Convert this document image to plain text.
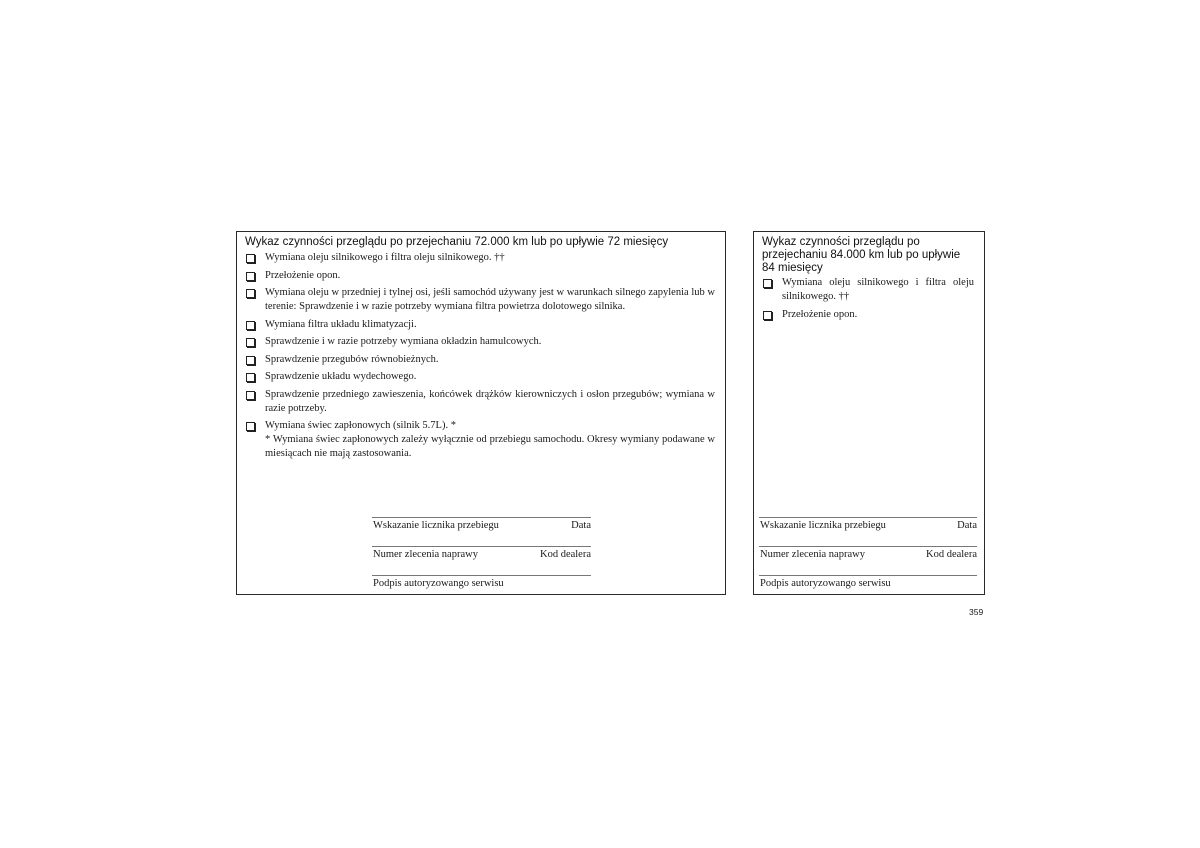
Wykaz czynności przeglądu po przejechaniu 72.000 km lub po upływie 72 miesięcy
Wymiana oleju silnikowego i filtra oleju silnikowego. ††
Przełożenie opon.
Wymiana oleju w przedniej i tylnej osi, jeśli samochód używany jest w warunkach silnego zapylenia lub w terenie: Sprawdzenie i w razie potrzeby wymiana filtra powietrza dolotowego silnika.
Wymiana filtra układu klimatyzacji.
Sprawdzenie i w razie potrzeby wymiana okładzin hamulcowych.
Sprawdzenie przegubów równobieżnych.
Sprawdzenie układu wydechowego.
Sprawdzenie przedniego zawieszenia, końcówek drążków kierowniczych i osłon przegubów; wymiana w razie potrzeby.
Wymiana świec zapłonowych (silnik 5.7L). *
* Wymiana świec zapłonowych zależy wyłącznie od przebiegu samochodu. Okresy wymiany podawane w miesiącach nie mają zastosowania.
Wskazanie licznika przebiegu	Data
Numer zlecenia naprawy	Kod dealera
Podpis autoryzowango serwisu
Wykaz czynności przeglądu po przejechaniu 84.000 km lub po upływie 84 miesięcy
Wymiana oleju silnikowego i filtra oleju silnikowego. ††
Przełożenie opon.
Wskazanie licznika przebiegu	Data
Numer zlecenia naprawy	Kod dealera
Podpis autoryzowango serwisu
359
